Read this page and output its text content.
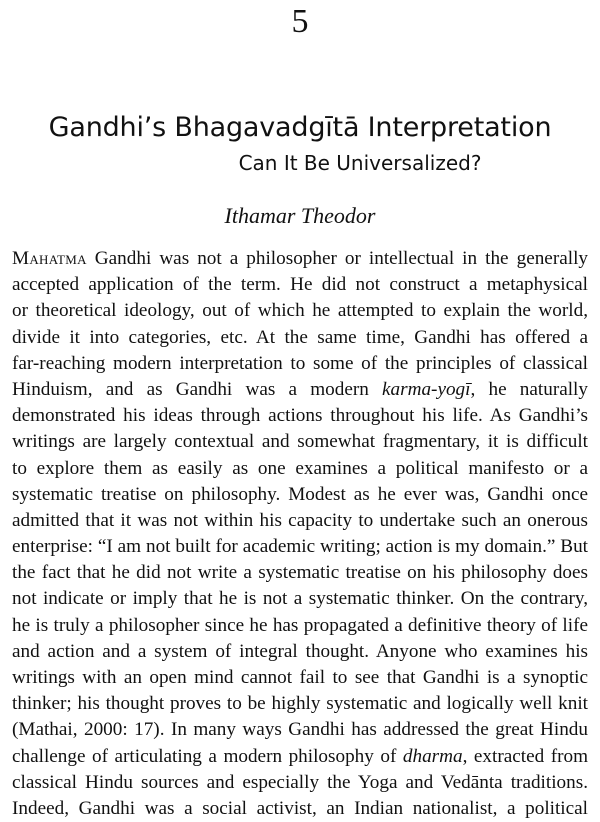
5
Gandhi’s Bhagavadgītā Interpretation
Can It Be Universalized?
Ithamar Theodor
Mahatma Gandhi was not a philosopher or intellectual in the generally
accepted application of the term. He did not construct a metaphysical
or theoretical ideology, out of which he attempted to explain the world,
divide it into categories, etc. At the same time, Gandhi has offered a
far-reaching modern interpretation to some of the principles of classical
Hinduism, and as Gandhi was a modern karma-yogī, he naturally
demonstrated his ideas through actions throughout his life. As Gandhi’s
writings are largely contextual and somewhat fragmentary, it is difficult
to explore them as easily as one examines a political manifesto or a
systematic treatise on philosophy. Modest as he ever was, Gandhi once
admitted that it was not within his capacity to undertake such an onerous
enterprise: “I am not built for academic writing; action is my domain.” But
the fact that he did not write a systematic treatise on his philosophy does
not indicate or imply that he is not a systematic thinker. On the contrary,
he is truly a philosopher since he has propagated a definitive theory of life
and action and a system of integral thought. Anyone who examines his
writings with an open mind cannot fail to see that Gandhi is a synoptic
thinker; his thought proves to be highly systematic and logically well knit
(Mathai, 2000: 17). In many ways Gandhi has addressed the great Hindu
challenge of articulating a modern philosophy of dharma, extracted from
classical Hindu sources and especially the Yoga and Vedānta traditions.
Indeed, Gandhi was a social activist, an Indian nationalist, a political
